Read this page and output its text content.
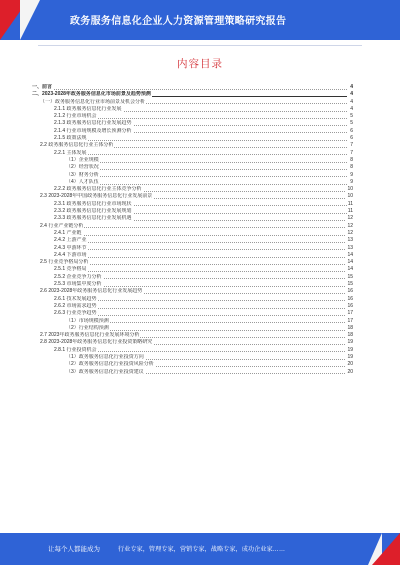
政务服务信息化企业人力资源管理策略研究报告
内容目录
一、前言	4
二、2023-2028年政务服务信息化市场前景及趋势预测	4
（一）政务服务信息化行业市场前景及机会分析	4
2.1.1 政务服务信息化行业发展	4
2.1.2 行业市场机会	5
2.1.3 政务服务信息化行业发展趋势	5
2.1.4 行业市场规模及增长预测分析	6
2.1.5 政策法规	6
2.2 政务服务信息化行业主体分析	7
2.2.1 主体发展	7
（1）企业规模	8
（2）经营状况	8
（3）财务分析	9
（4）人才队伍	9
2.2.2 政务服务信息化行业主体竞争分析	10
2.3 2023-2028年中国政务服务信息化行业发展前景	10
2.3.1 政务服务信息化行业市场现状	11
2.3.2 政务服务信息化行业发展规划	11
2.3.3 政务服务信息化行业发展机遇	12
2.4 行业产业链分析	12
2.4.1 产业链	12
2.4.2 上游产业	13
2.4.3 中游环节	13
2.4.4 下游市场	14
2.5 行业竞争格局分析	14
2.5.1 竞争格局	14
2.5.2 企业竞争力分析	15
2.5.3 市场集中度分析	15
2.6 2023-2028年政务服务信息化行业发展趋势	16
2.6.1 技术发展趋势	16
2.6.2 市场需求趋势	16
2.6.3 行业竞争趋势	17
（1）市场规模预测	17
（2）行业结构预测	18
2.7 2023年政务服务信息化行业发展环境分析	18
2.8 2023-2028年政务服务信息化行业投资策略研究	19
2.8.1 行业投资机会	19
（1）政务服务信息化行业投资方向	19
（2）政务服务信息化行业投资风险分析	20
（3）政务服务信息化行业投资建议	20
让每个人都能成为	行业专家，管理专家，营销专家，战略专家，成功企业家……
